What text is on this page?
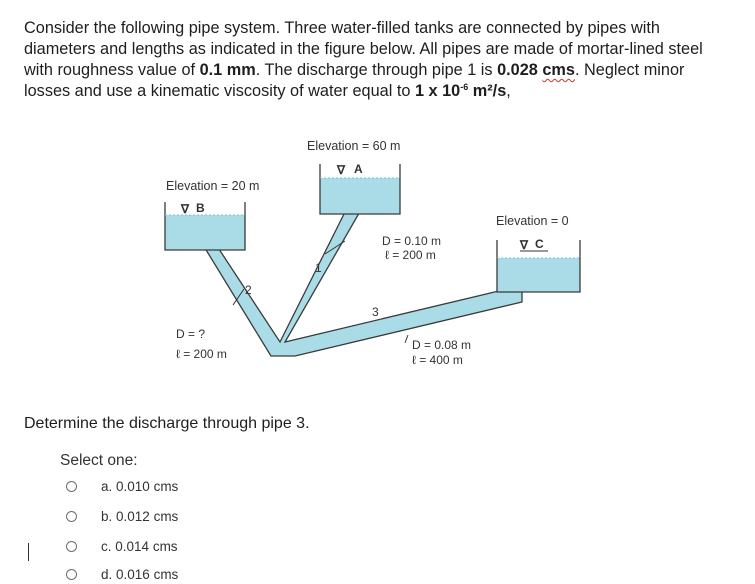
Consider the following pipe system. Three water-filled tanks are connected by pipes with
diameters and lengths as indicated in the figure below. All pipes are made of mortar-lined steel
with roughness value of 0.1 mm. The discharge through pipe 1 is 0.028 cms. Neglect minor
losses and use a kinematic viscosity of water equal to 1 x $10^{-6}$ m²/s,
Elevation = 60 m
∇ A
Elevation = 20 m
∇ B
Elevation = 0
∇ C
1
D = 0.10 m
ℓ = 200 m
2
D = ?
ℓ = 200 m
3
D = 0.08 m
ℓ = 400 m
Determine the discharge through pipe 3.
Select one:
a.
0.010 cms
b.
0.012 cms
c.
0.014 cms
d.
0.016 cms
